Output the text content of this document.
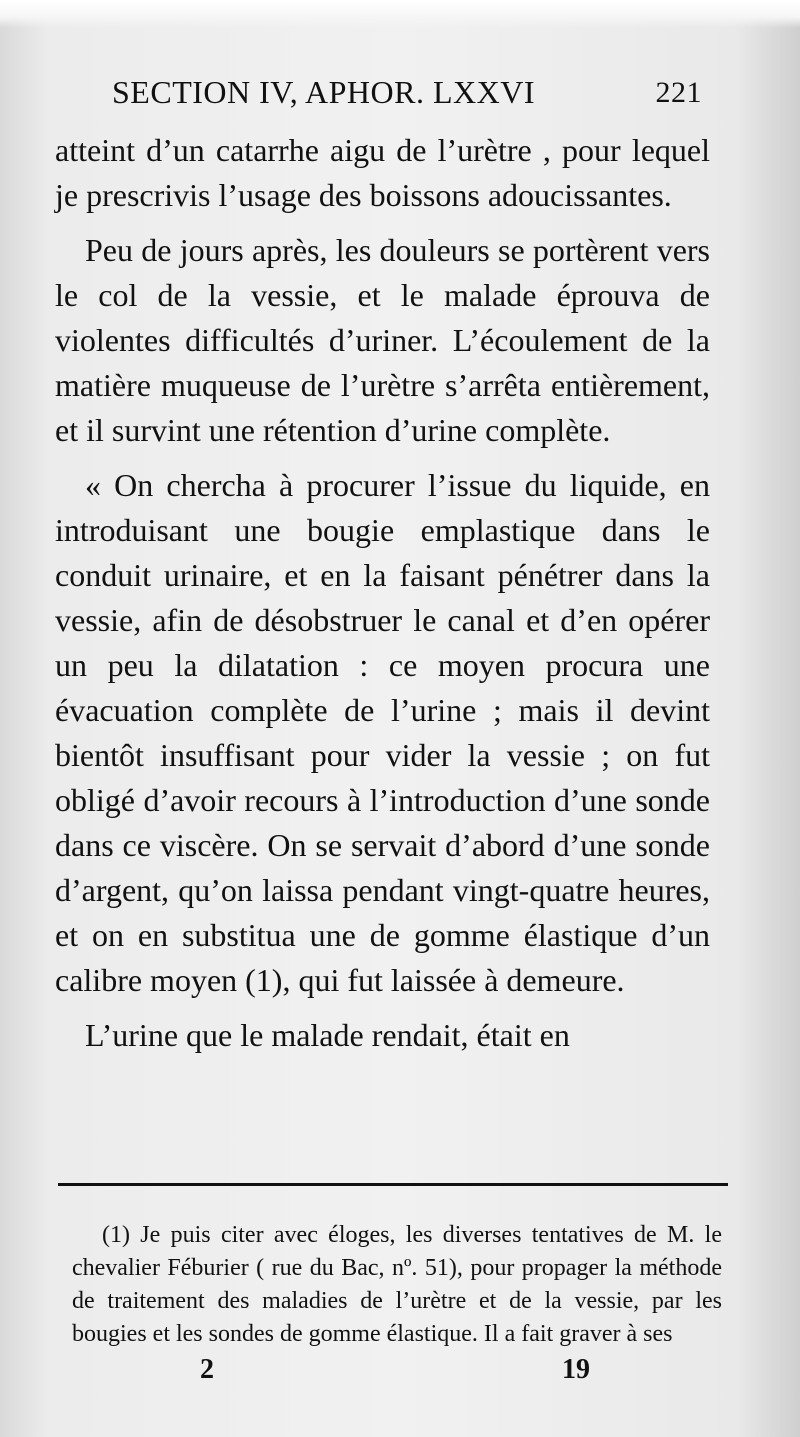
SECTION IV, APHOR. LXXVI	221

atteint d’un catarrhe aigu de l’urètre , pour lequel je prescrivis l’usage des boissons adoucissantes.

Peu de jours après, les douleurs se portèrent vers le col de la vessie, et le malade éprouva de violentes difficultés d’uriner. L’écoulement de la matière muqueuse de l’urètre s’arrêta entièrement, et il survint une rétention d’urine complète.

« On chercha à procurer l’issue du liquide, en introduisant une bougie emplastique dans le conduit urinaire, et en la faisant pénétrer dans la vessie, afin de désobstruer le canal et d’en opérer un peu la dilatation : ce moyen procura une évacuation complète de l’urine ; mais il devint bientôt insuffisant pour vider la vessie ; on fut obligé d’avoir recours à l’introduction d’une sonde dans ce viscère. On se servait d’abord d’une sonde d’argent, qu’on laissa pendant vingt-quatre heures, et on en substitua une de gomme élastique d’un calibre moyen (1), qui fut laissée à demeure.

L’urine que le malade rendait, était en

(1) Je puis citer avec éloges, les diverses tentatives de M. le chevalier Féburier ( rue du Bac, nº. 51), pour propager la méthode de traitement des maladies de l’urètre et de la vessie, par les bougies et les sondes de gomme élastique. Il a fait graver à ses

2	19
